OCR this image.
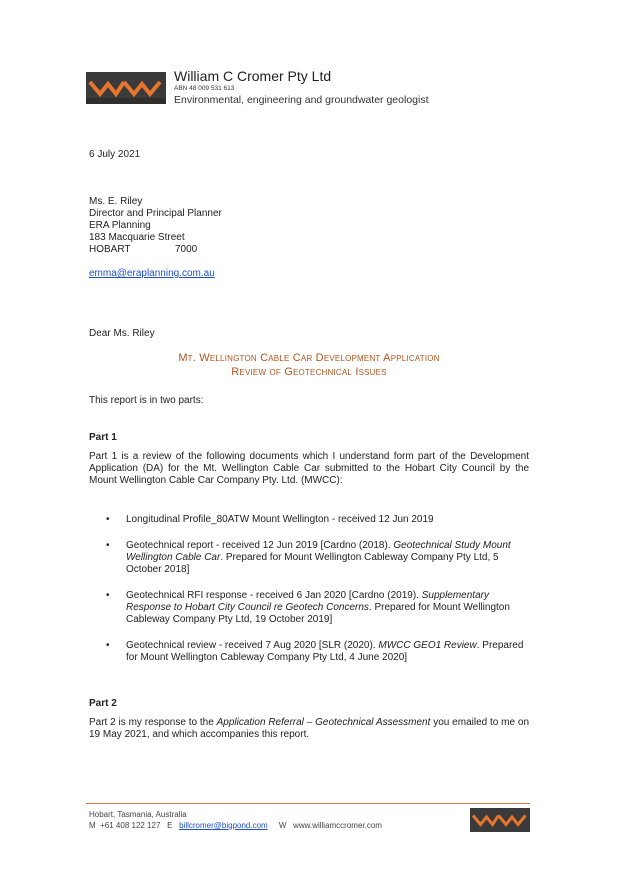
William C Cromer Pty Ltd
ABN 48 009 531 613
Environmental, engineering and groundwater geologist
6 July 2021
Ms. E. Riley
Director and Principal Planner
ERA Planning
183 Macquarie Street
HOBART	7000
emma@eraplanning.com.au
Dear Ms. Riley
Mt. Wellington Cable Car Development Application
Review of Geotechnical Issues
This report is in two parts:
Part 1
Part 1 is a review of the following documents which I understand form part of the Development Application (DA) for the Mt. Wellington Cable Car submitted to the Hobart City Council by the Mount Wellington Cable Car Company Pty. Ltd. (MWCC):
• Longitudinal Profile_80ATW Mount Wellington - received 12 Jun 2019
• Geotechnical report - received 12 Jun 2019 [Cardno (2018). Geotechnical Study Mount Wellington Cable Car. Prepared for Mount Wellington Cableway Company Pty Ltd, 5 October 2018]
• Geotechnical RFI response - received 6 Jan 2020 [Cardno (2019). Supplementary Response to Hobart City Council re Geotech Concerns. Prepared for Mount Wellington Cableway Company Pty Ltd, 19 October 2019]
• Geotechnical review - received 7 Aug 2020 [SLR (2020). MWCC GEO1 Review. Prepared for Mount Wellington Cableway Company Pty Ltd, 4 June 2020]
Part 2
Part 2 is my response to the Application Referral – Geotechnical Assessment you emailed to me on 19 May 2021, and which accompanies this report.
Hobart, Tasmania, Australia
M +61 408 122 127 E billcromer@bigpond.com W www.williamccromer.com
